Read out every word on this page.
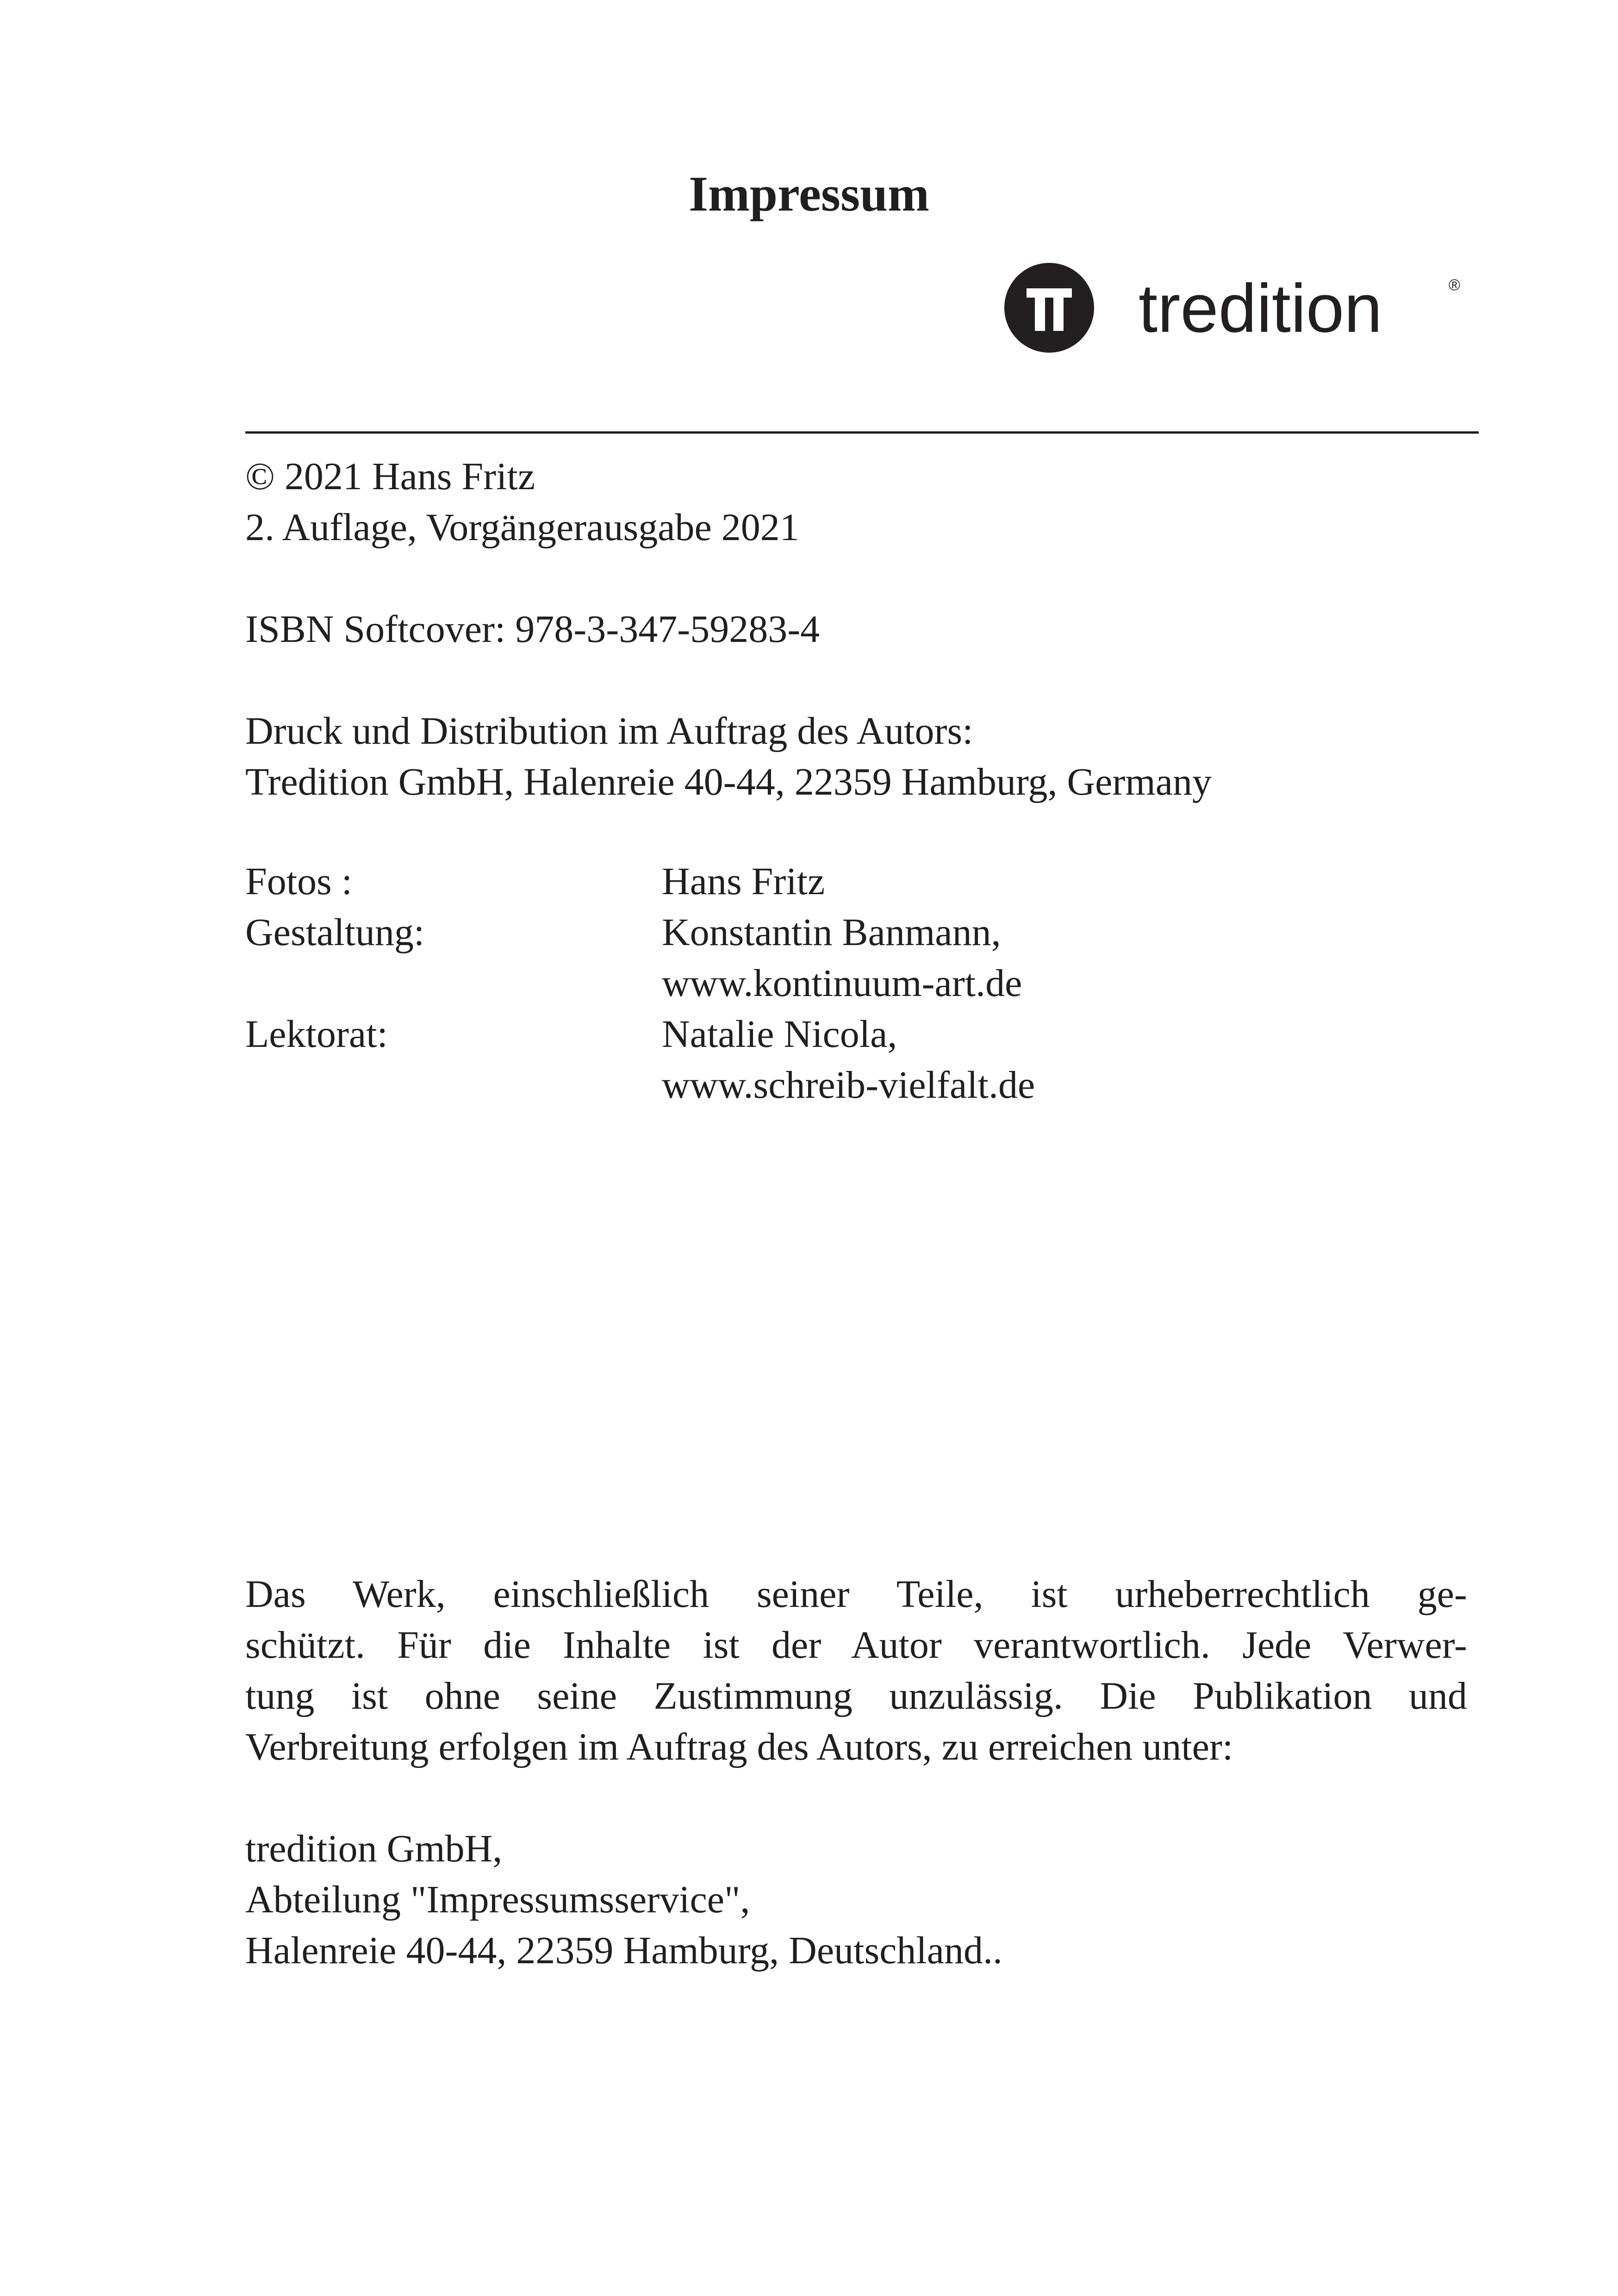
Impressum
tredition	®
© 2021 Hans Fritz
2. Auflage, Vorgängerausgabe 2021
ISBN Softcover: 978-3-347-59283-4
Druck und Distribution im Auftrag des Autors:
Tredition GmbH, Halenreie 40-44, 22359 Hamburg, Germany
Fotos :	Hans Fritz
Gestaltung:	Konstantin Banmann,
www.kontinuum-art.de
Lektorat:	Natalie Nicola,
www.schreib-vielfalt.de
Das Werk, einschließlich seiner Teile, ist urheberrechtlich ge-
schützt. Für die Inhalte ist der Autor verantwortlich. Jede Verwer-
tung ist ohne seine Zustimmung unzulässig. Die Publikation und
Verbreitung erfolgen im Auftrag des Autors, zu erreichen unter:
tredition GmbH,
Abteilung "Impressumsservice",
Halenreie 40-44, 22359 Hamburg, Deutschland..
